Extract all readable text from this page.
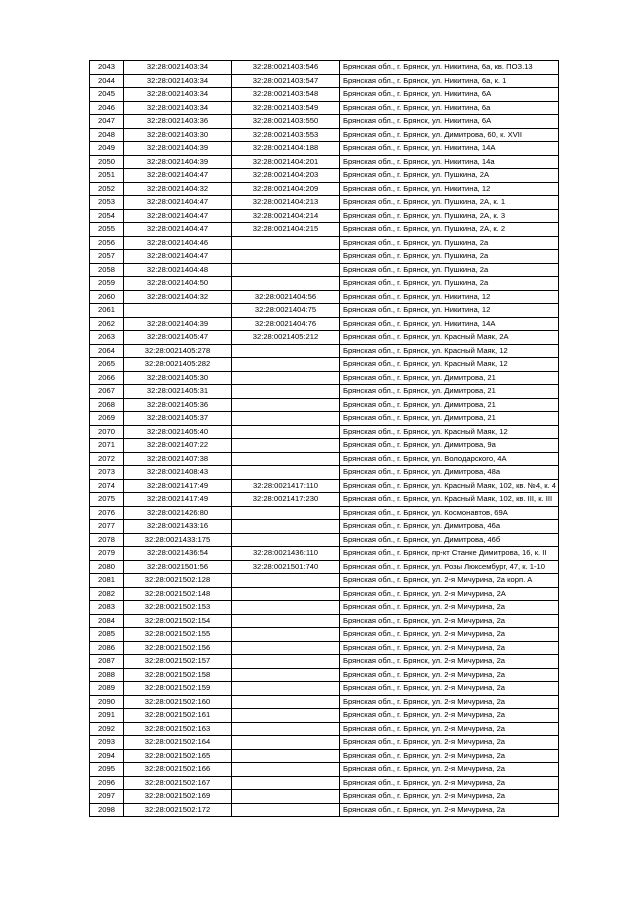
2043	32:28:0021403:34	32:28:0021403:546	Брянская обл., г. Брянск, ул. Никитина, 6а, кв. ПОЗ.13
2044	32:28:0021403:34	32:28:0021403:547	Брянская обл., г. Брянск, ул. Никитина, 6а, к. 1
2045	32:28:0021403:34	32:28:0021403:548	Брянская обл., г. Брянск, ул. Никитина, 6А
2046	32:28:0021403:34	32:28:0021403:549	Брянская обл., г. Брянск, ул. Никитина, 6а
2047	32:28:0021403:36	32:28:0021403:550	Брянская обл., г. Брянск, ул. Никитина, 6А
2048	32:28:0021403:30	32:28:0021403:553	Брянская обл., г. Брянск, ул. Димитрова, 60, к. XVII
2049	32:28:0021404:39	32:28:0021404:188	Брянская обл., г. Брянск, ул. Никитина, 14А
2050	32:28:0021404:39	32:28:0021404:201	Брянская обл., г. Брянск, ул. Никитина, 14а
2051	32:28:0021404:47	32:28:0021404:203	Брянская обл., г. Брянск, ул. Пушкина, 2А
2052	32:28:0021404:32	32:28:0021404:209	Брянская обл., г. Брянск, ул. Никитина, 12
2053	32:28:0021404:47	32:28:0021404:213	Брянская обл., г. Брянск, ул. Пушкина, 2А, к. 1
2054	32:28:0021404:47	32:28:0021404:214	Брянская обл., г. Брянск, ул. Пушкина, 2А, к. 3
2055	32:28:0021404:47	32:28:0021404:215	Брянская обл., г. Брянск, ул. Пушкина, 2А, к. 2
2056	32:28:0021404:46		Брянская обл., г. Брянск, ул. Пушкина, 2а
2057	32:28:0021404:47		Брянская обл., г. Брянск, ул. Пушкина, 2а
2058	32:28:0021404:48		Брянская обл., г. Брянск, ул. Пушкина, 2а
2059	32:28:0021404:50		Брянская обл., г. Брянск, ул. Пушкина, 2а
2060	32:28:0021404:32	32:28:0021404:56	Брянская обл., г. Брянск, ул. Никитина, 12
2061		32:28:0021404:75	Брянская обл., г. Брянск, ул. Никитина, 12
2062	32:28:0021404:39	32:28:0021404:76	Брянская обл., г. Брянск, ул. Никитина, 14А
2063	32:28:0021405:47	32:28:0021405:212	Брянская обл., г. Брянск, ул. Красный Маяк, 2А
2064	32:28:0021405:278		Брянская обл., г. Брянск, ул. Красный Маяк, 12
2065	32:28:0021405:282		Брянская обл., г. Брянск, ул. Красный Маяк, 12
2066	32:28:0021405:30		Брянская обл., г. Брянск, ул. Димитрова, 21
2067	32:28:0021405:31		Брянская обл., г. Брянск, ул. Димитрова, 21
2068	32:28:0021405:36		Брянская обл., г. Брянск, ул. Димитрова, 21
2069	32:28:0021405:37		Брянская обл., г. Брянск, ул. Димитрова, 21
2070	32:28:0021405:40		Брянская обл., г. Брянск, ул. Красный Маяк, 12
2071	32:28:0021407:22		Брянская обл., г. Брянск, ул. Димитрова, 9а
2072	32:28:0021407:38		Брянская обл., г. Брянск, ул. Володарского, 4А
2073	32:28:0021408:43		Брянская обл., г. Брянск, ул. Димитрова, 48а
2074	32:28:0021417:49	32:28:0021417:110	Брянская обл., г. Брянск, ул. Красный Маяк, 102, кв. №4, к. 4
2075	32:28:0021417:49	32:28:0021417:230	Брянская обл., г. Брянск, ул. Красный Маяк, 102, кв. III, к. III
2076	32:28:0021426:80		Брянская обл., г. Брянск, ул. Космонавтов, 69А
2077	32:28:0021433:16		Брянская обл., г. Брянск, ул. Димитрова, 46а
2078	32:28:0021433:175		Брянская обл., г. Брянск, ул. Димитрова, 46б
2079	32:28:0021436:54	32:28:0021436:110	Брянская обл., г. Брянск, пр-кт Станке Димитрова, 16, к. II
2080	32:28:0021501:56	32:28:0021501:740	Брянская обл., г. Брянск, ул. Розы Люксембург, 47, к. 1-10
2081	32:28:0021502:128		Брянская обл., г. Брянск, ул. 2-я Мичурина, 2а корп. А
2082	32:28:0021502:148		Брянская обл., г. Брянск, ул. 2-я Мичурина, 2А
2083	32:28:0021502:153		Брянская обл., г. Брянск, ул. 2-я Мичурина, 2а
2084	32:28:0021502:154		Брянская обл., г. Брянск, ул. 2-я Мичурина, 2а
2085	32:28:0021502:155		Брянская обл., г. Брянск, ул. 2-я Мичурина, 2а
2086	32:28:0021502:156		Брянская обл., г. Брянск, ул. 2-я Мичурина, 2а
2087	32:28:0021502:157		Брянская обл., г. Брянск, ул. 2-я Мичурина, 2а
2088	32:28:0021502:158		Брянская обл., г. Брянск, ул. 2-я Мичурина, 2а
2089	32:28:0021502:159		Брянская обл., г. Брянск, ул. 2-я Мичурина, 2а
2090	32:28:0021502:160		Брянская обл., г. Брянск, ул. 2-я Мичурина, 2а
2091	32:28:0021502:161		Брянская обл., г. Брянск, ул. 2-я Мичурина, 2а
2092	32:28:0021502:163		Брянская обл., г. Брянск, ул. 2-я Мичурина, 2а
2093	32:28:0021502:164		Брянская обл., г. Брянск, ул. 2-я Мичурина, 2а
2094	32:28:0021502:165		Брянская обл., г. Брянск, ул. 2-я Мичурина, 2а
2095	32:28:0021502:166		Брянская обл., г. Брянск, ул. 2-я Мичурина, 2а
2096	32:28:0021502:167		Брянская обл., г. Брянск, ул. 2-я Мичурина, 2а
2097	32:28:0021502:169		Брянская обл., г. Брянск, ул. 2-я Мичурина, 2а
2098	32:28:0021502:172		Брянская обл., г. Брянск, ул. 2-я Мичурина, 2а
